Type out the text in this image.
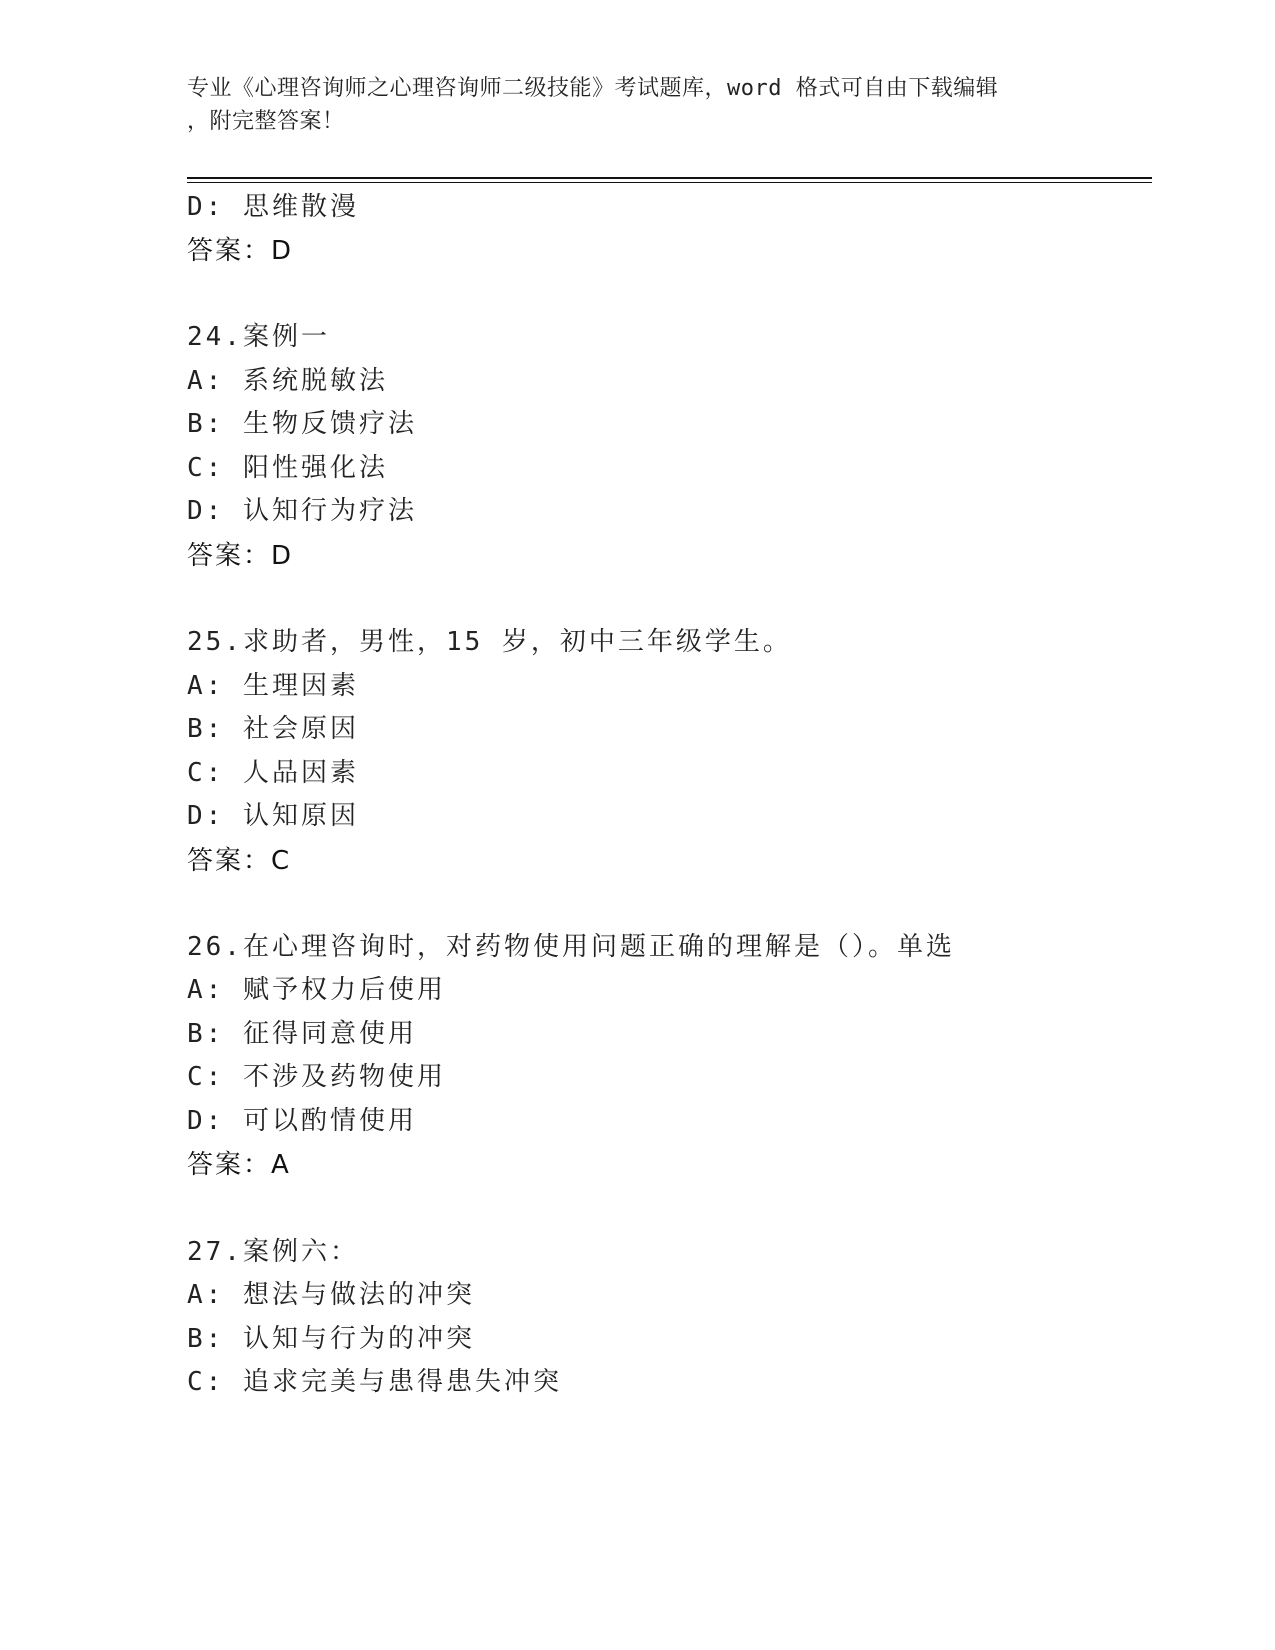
专业《心理咨询师之心理咨询师二级技能》考试题库，word 格式可自由下载编辑
，附完整答案！
D: 思维散漫
答案：D
24.案例一
A: 系统脱敏法
B: 生物反馈疗法
C: 阳性强化法
D: 认知行为疗法
答案：D
25.求助者，男性，15 岁，初中三年级学生。
A: 生理因素
B: 社会原因
C: 人品因素
D: 认知原因
答案：C
26.在心理咨询时，对药物使用问题正确的理解是（）。单选
A: 赋予权力后使用
B: 征得同意使用
C: 不涉及药物使用
D: 可以酌情使用
答案：A
27.案例六：
A: 想法与做法的冲突
B: 认知与行为的冲突
C: 追求完美与患得患失冲突
